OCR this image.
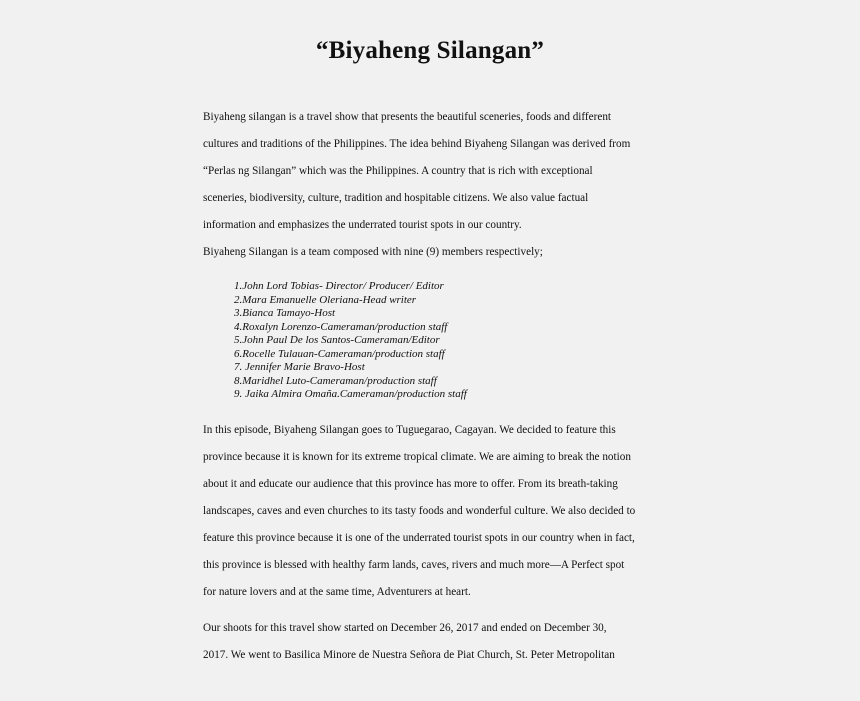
“Biyaheng Silangan”
Biyaheng silangan is a travel show that presents the beautiful sceneries, foods and different
cultures and traditions of the Philippines. The idea behind Biyaheng Silangan was derived from
“Perlas ng Silangan” which was the Philippines. A country that is rich with exceptional
sceneries, biodiversity, culture, tradition and hospitable citizens. We also value factual
information and emphasizes the underrated tourist spots in our country.
Biyaheng Silangan is a team composed with nine (9) members respectively;
1.John Lord Tobias- Director/ Producer/ Editor
2.Mara Emanuelle Oleriana-Head writer
3.Bianca Tamayo-Host
4.Roxalyn Lorenzo-Cameraman/production staff
5.John Paul De los Santos-Cameraman/Editor
6.Rocelle Tulauan-Cameraman/production staff
7. Jennifer Marie Bravo-Host
8.Maridhel Luto-Cameraman/production staff
9. Jaika Almira Omaña.Cameraman/production staff
In this episode, Biyaheng Silangan goes to Tuguegarao, Cagayan. We decided to feature this
province because it is known for its extreme tropical climate. We are aiming to break the notion
about it and educate our audience that this province has more to offer. From its breath-taking
landscapes, caves and even churches to its tasty foods and wonderful culture. We also decided to
feature this province because it is one of the underrated tourist spots in our country when in fact,
this province is blessed with healthy farm lands, caves, rivers and much more—A Perfect spot
for nature lovers and at the same time, Adventurers at heart.
Our shoots for this travel show started on December 26, 2017 and ended on December 30,
2017. We went to Basilica Minore de Nuestra Señora de Piat Church, St. Peter Metropolitan
